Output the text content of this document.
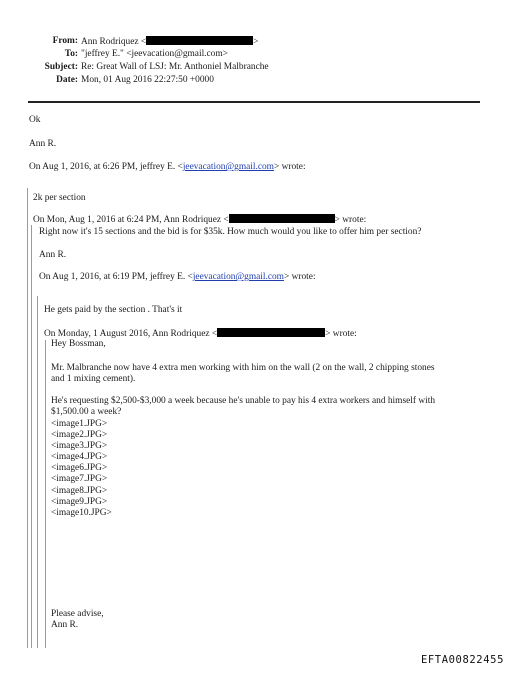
From: Ann Rodriquez <	>
To: "jeffrey E." <jeevacation@gmail.com>
Subject: Re: Great Wall of LSJ: Mr. Anthoniel Malbranche
Date: Mon, 01 Aug 2016 22:27:50 +0000
Ok
Ann R.
On Aug 1, 2016, at 6:26 PM, jeffrey E. <jeevacation@gmail.com> wrote:
2k per section
On Mon, Aug 1, 2016 at 6:24 PM, Ann Rodriquez <	> wrote:
Right now it's 15 sections and the bid is for $35k. How much would you like to offer him per section?
Ann R.
On Aug 1, 2016, at 6:19 PM, jeffrey E. <jeevacation@gmail.com> wrote:
He gets paid by the section . That's it
On Monday, 1 August 2016, Ann Rodriquez <	> wrote:
Hey Bossman,
Mr. Malbranche now have 4 extra men working with him on the wall (2 on the wall, 2 chipping stones
and 1 mixing cement).
He's requesting $2,500-$3,000 a week because he's unable to pay his 4 extra workers and himself with
$1,500.00 a week?
<image1.JPG>
<image2.JPG>
<image3.JPG>
<image4.JPG>
<image6.JPG>
<image7.JPG>
<image8.JPG>
<image9.JPG>
<image10.JPG>
Please advise,
Ann R.
EFTA00822455
